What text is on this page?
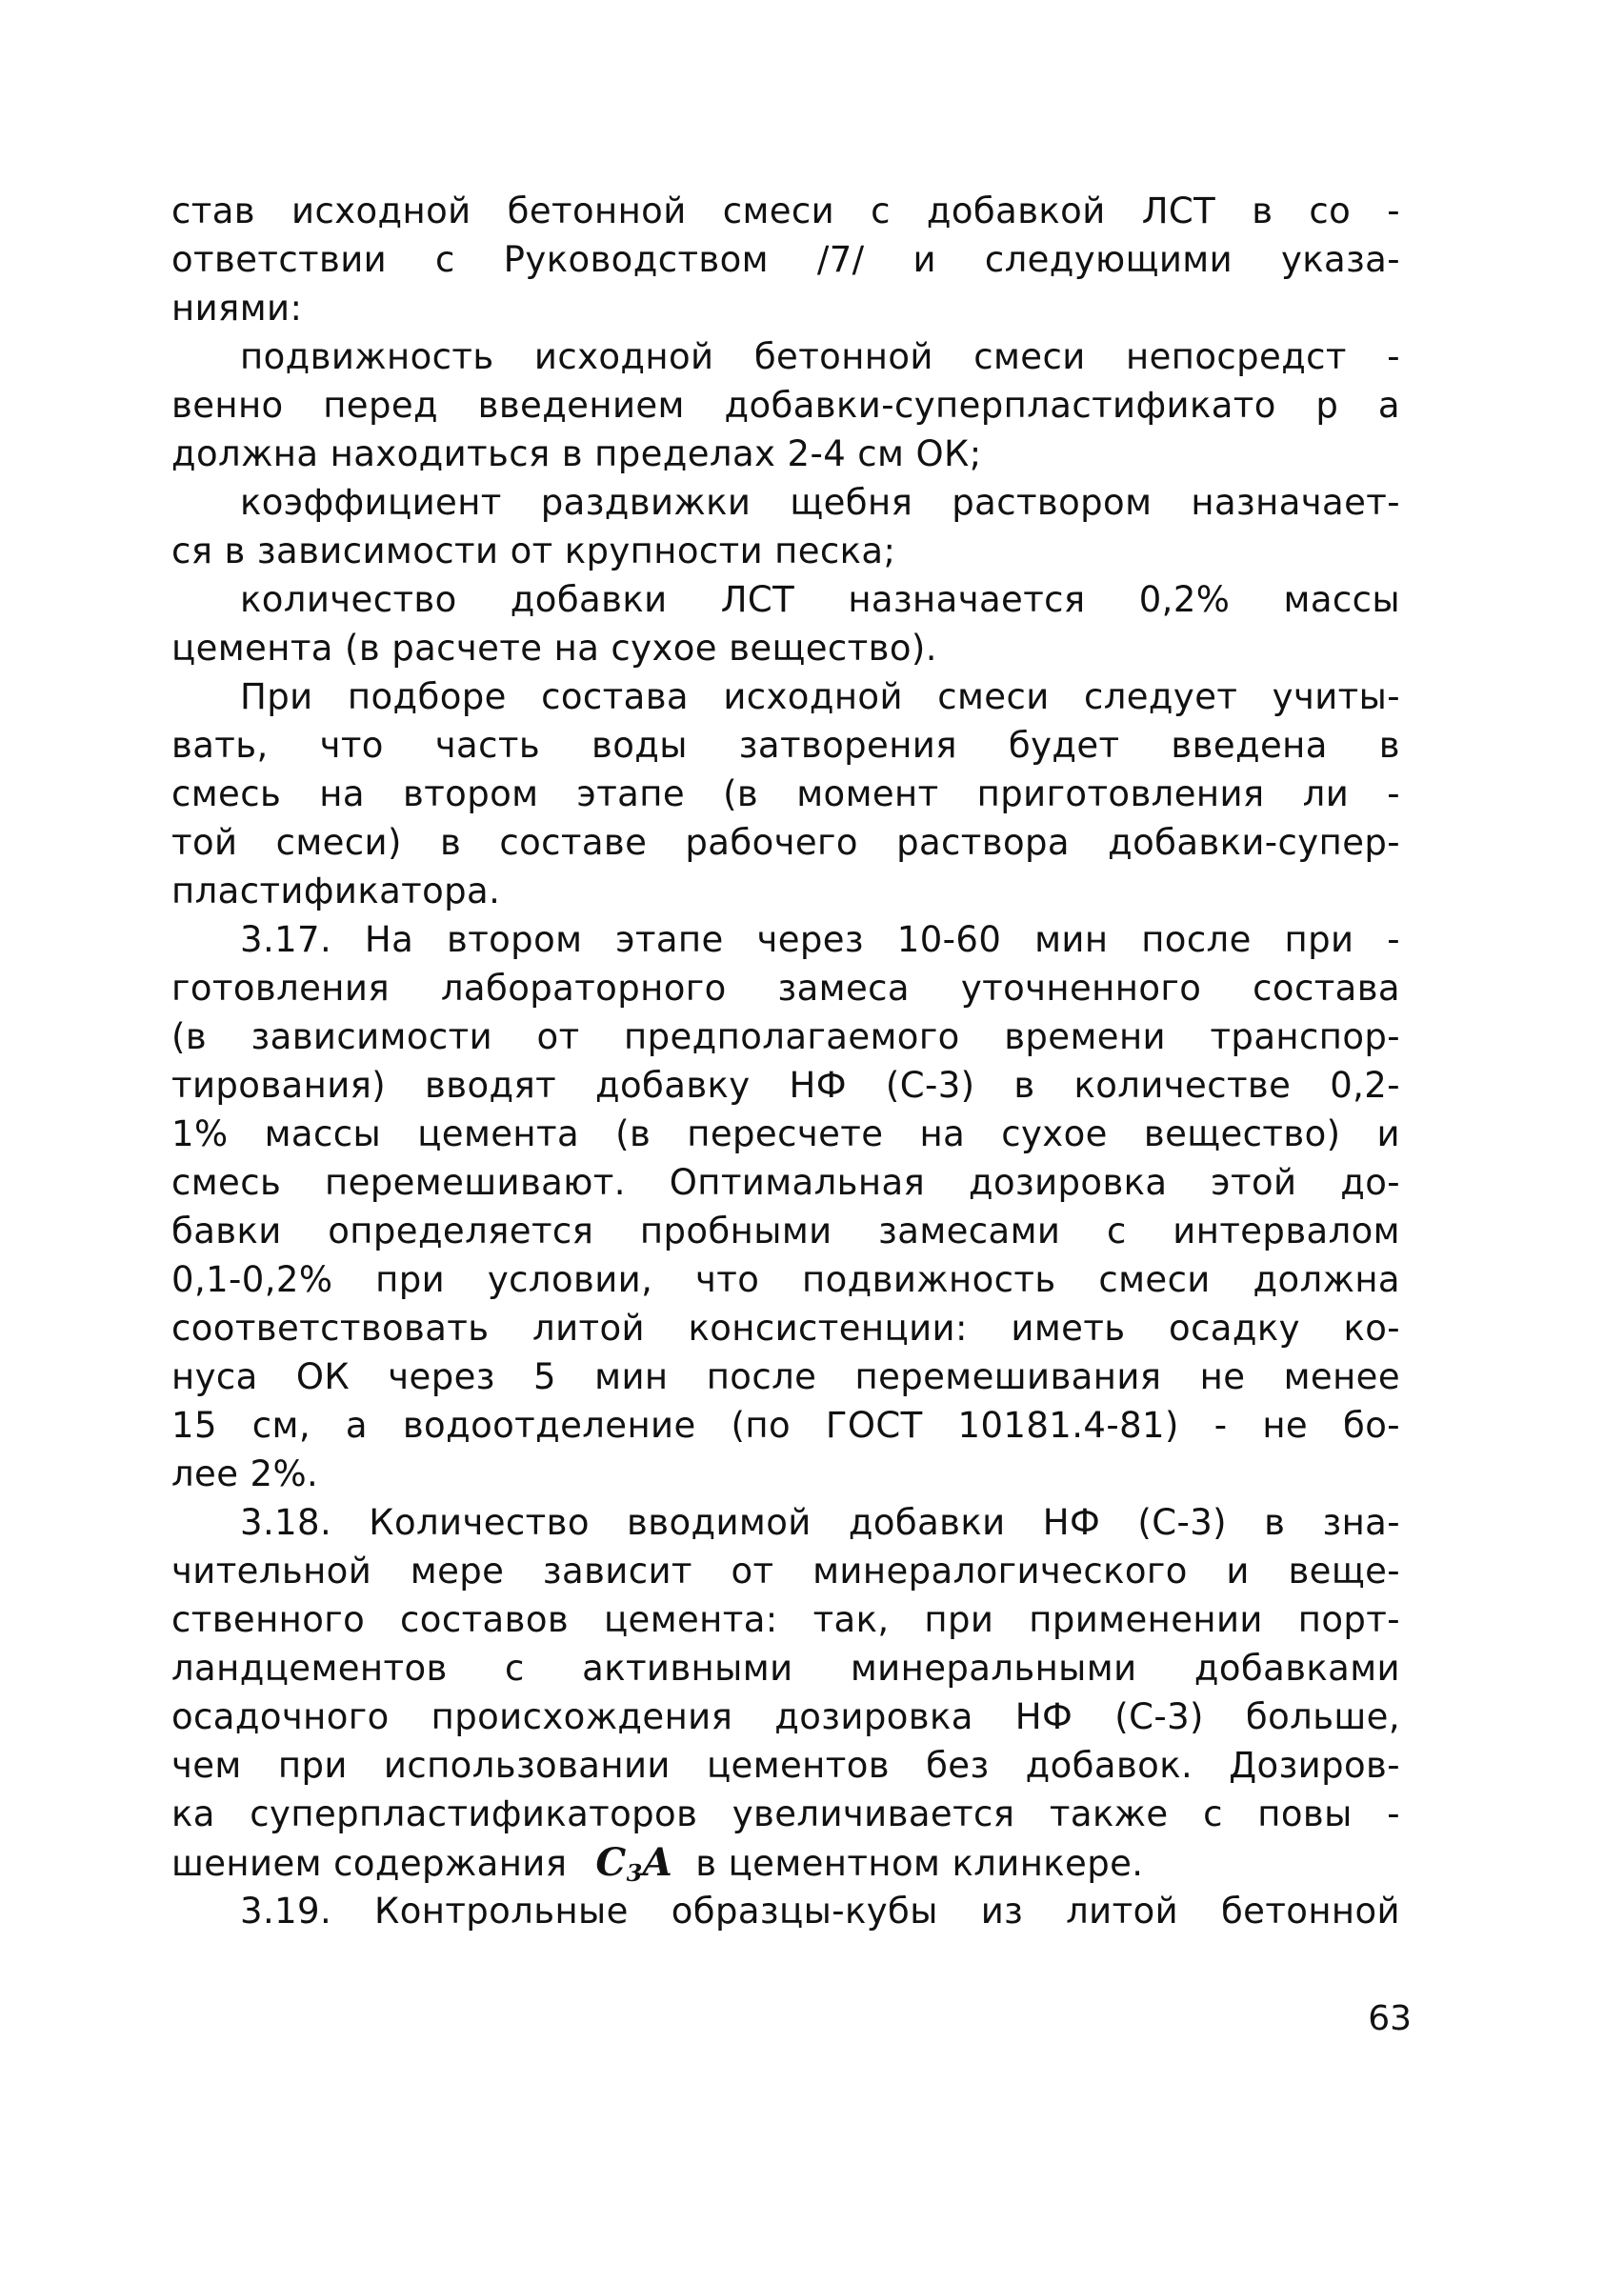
став исходной бетонной смеси с добавкой ЛСТ в со -
ответствии с Руководством /7/ и следующими указа-
ниями:
подвижность исходной бетонной смеси непосредст -
венно перед введением добавки-суперпластификато р а
должна находиться в пределах 2-4 см ОК;
коэффициент раздвижки щебня раствором назначает-
ся в зависимости от крупности песка;
количество добавки ЛСТ назначается 0,2% массы
цемента (в расчете на сухое вещество).
При подборе состава исходной смеси следует учиты-
вать, что часть воды затворения будет введена в
смесь на втором этапе (в момент приготовления ли -
той смеси) в составе рабочего раствора добавки-супер-
пластификатора.
3.17. На втором этапе через 10-60 мин после при -
готовления лабораторного замеса уточненного состава
(в зависимости от предполагаемого времени транспор-
тирования) вводят добавку НФ (С-3) в количестве 0,2-
1% массы цемента (в пересчете на сухое вещество) и
смесь перемешивают. Оптимальная дозировка этой до-
бавки определяется пробными замесами с интервалом
0,1-0,2% при условии, что подвижность смеси должна
соответствовать литой консистенции: иметь осадку ко-
нуса ОК через 5 мин после перемешивания не менее
15 см, а водоотделение (по ГОСТ 10181.4-81) - не бо-
лее 2%.
3.18. Количество вводимой добавки НФ (С-3) в зна-
чительной мере зависит от минералогического и веще-
ственного составов цемента: так, при применении порт-
ландцементов с активными минеральными добавками
осадочного происхождения дозировка НФ (С-3) больше,
чем при использовании цементов без добавок. Дозиров-
ка суперпластификаторов увеличивается также с повы -
шением содержания $C_3A$ в цементном клинкере.
3.19. Контрольные образцы-кубы из литой бетонной
63
